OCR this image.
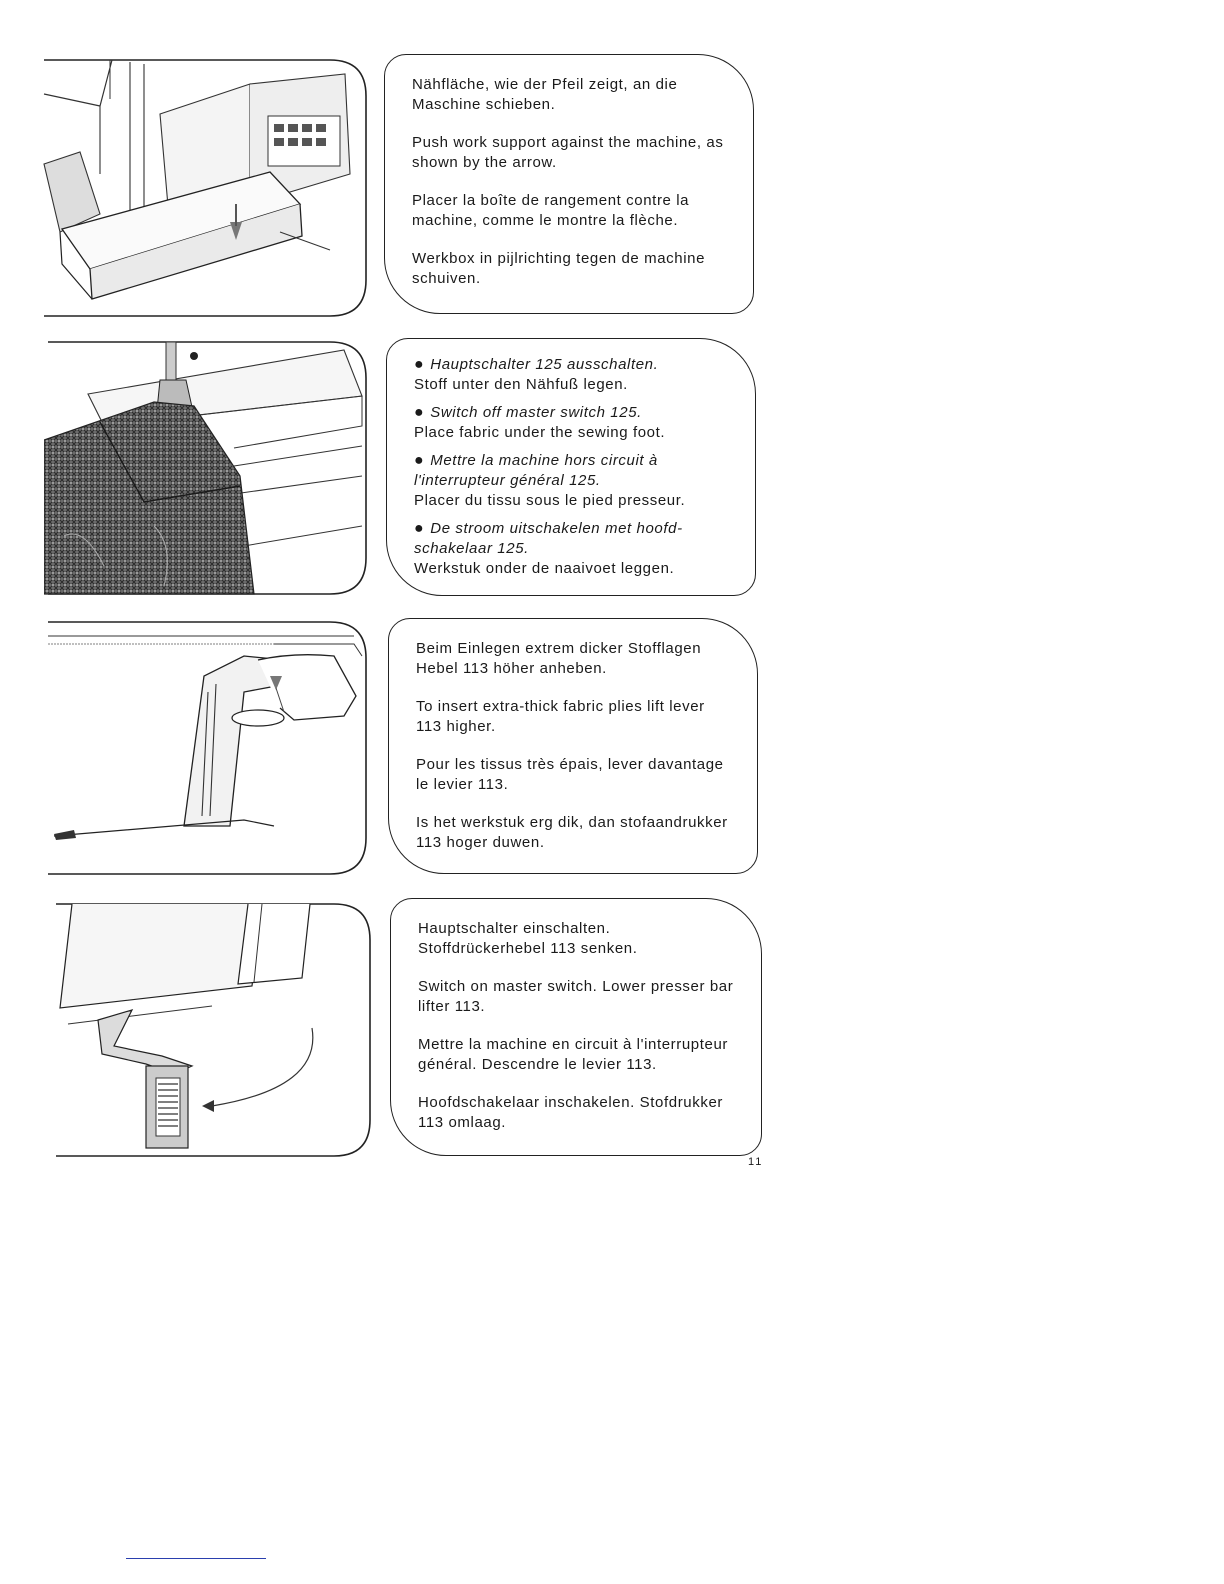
Nähfläche, wie der Pfeil zeigt, an die Maschine schieben.

Push work support against the machine, as shown by the arrow.

Placer la boîte de rangement contre la machine, comme le montre la flèche.

Werkbox in pijlrichting tegen de machine schuiven.

● Hauptschalter 125 ausschalten.
Stoff unter den Nähfuß legen.

● Switch off master switch 125.
Place fabric under the sewing foot.

● Mettre la machine hors circuit à l'interrupteur général 125.
Placer du tissu sous le pied presseur.

● De stroom uitschakelen met hoofdschakelaar 125.
Werkstuk onder de naaivoet leggen.

Beim Einlegen extrem dicker Stofflagen Hebel 113 höher anheben.

To insert extra-thick fabric plies lift lever 113 higher.

Pour les tissus très épais, lever davantage le levier 113.

Is het werkstuk erg dik, dan stofaandrukker 113 hoger duwen.

Hauptschalter einschalten. Stoffdrückerhebel 113 senken.

Switch on master switch. Lower presser bar lifter 113.

Mettre la machine en circuit à l'interrupteur général. Descendre le levier 113.

Hoofdschakelaar inschakelen. Stofdrukker 113 omlaag.

11
